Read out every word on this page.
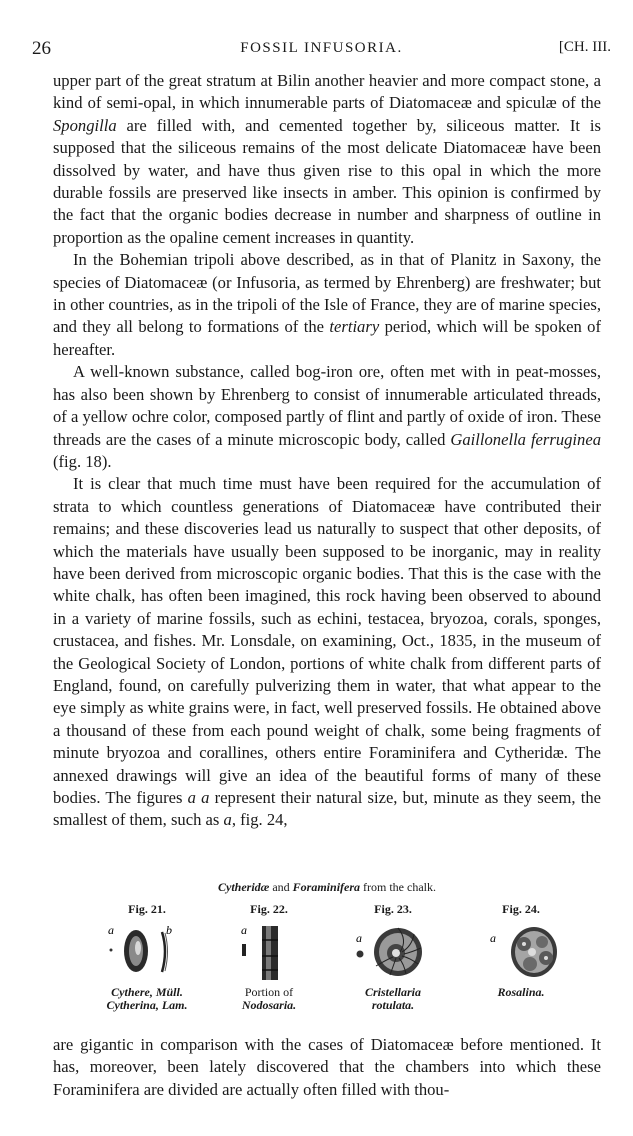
26	FOSSIL INFUSORIA.	[CH. III.

upper part of the great stratum at Bilin another heavier and more compact stone, a kind of semi-opal, in which innumerable parts of Diatomaceæ and spiculæ of the Spongilla are filled with, and cemented together by, siliceous matter. It is supposed that the siliceous remains of the most delicate Diatomaceæ have been dissolved by water, and have thus given rise to this opal in which the more durable fossils are preserved like insects in amber. This opinion is confirmed by the fact that the organic bodies decrease in number and sharpness of outline in proportion as the opaline cement increases in quantity.

In the Bohemian tripoli above described, as in that of Planitz in Saxony, the species of Diatomaceæ (or Infusoria, as termed by Ehrenberg) are freshwater; but in other countries, as in the tripoli of the Isle of France, they are of marine species, and they all belong to formations of the tertiary period, which will be spoken of hereafter.

A well-known substance, called bog-iron ore, often met with in peat-mosses, has also been shown by Ehrenberg to consist of innumerable articulated threads, of a yellow ochre color, composed partly of flint and partly of oxide of iron. These threads are the cases of a minute microscopic body, called Gaillonella ferruginea (fig. 18).

It is clear that much time must have been required for the accumulation of strata to which countless generations of Diatomaceæ have contributed their remains; and these discoveries lead us naturally to suspect that other deposits, of which the materials have usually been supposed to be inorganic, may in reality have been derived from microscopic organic bodies. That this is the case with the white chalk, has often been imagined, this rock having been observed to abound in a variety of marine fossils, such as echini, testacea, bryozoa, corals, sponges, crustacea, and fishes. Mr. Lonsdale, on examining, Oct., 1835, in the museum of the Geological Society of London, portions of white chalk from different parts of England, found, on carefully pulverizing them in water, that what appear to the eye simply as white grains were, in fact, well preserved fossils. He obtained above a thousand of these from each pound weight of chalk, some being fragments of minute bryozoa and corallines, others entire Foraminifera and Cytheridæ. The annexed drawings will give an idea of the beautiful forms of many of these bodies. The figures a a represent their natural size, but, minute as they seem, the smallest of them, such as a, fig. 24,

Cytheridæ and Foraminifera from the chalk.
Fig. 21.
a	b
Cythere, Müll.
Cytherina, Lam.
Fig. 22.
a
Portion of
Nodosaria.
Fig. 23.
a
Cristellaria
rotulata.
Fig. 24.
a
Rosalina.

are gigantic in comparison with the cases of Diatomaceæ before mentioned. It has, moreover, been lately discovered that the chambers into which these Foraminifera are divided are actually often filled with thou-
